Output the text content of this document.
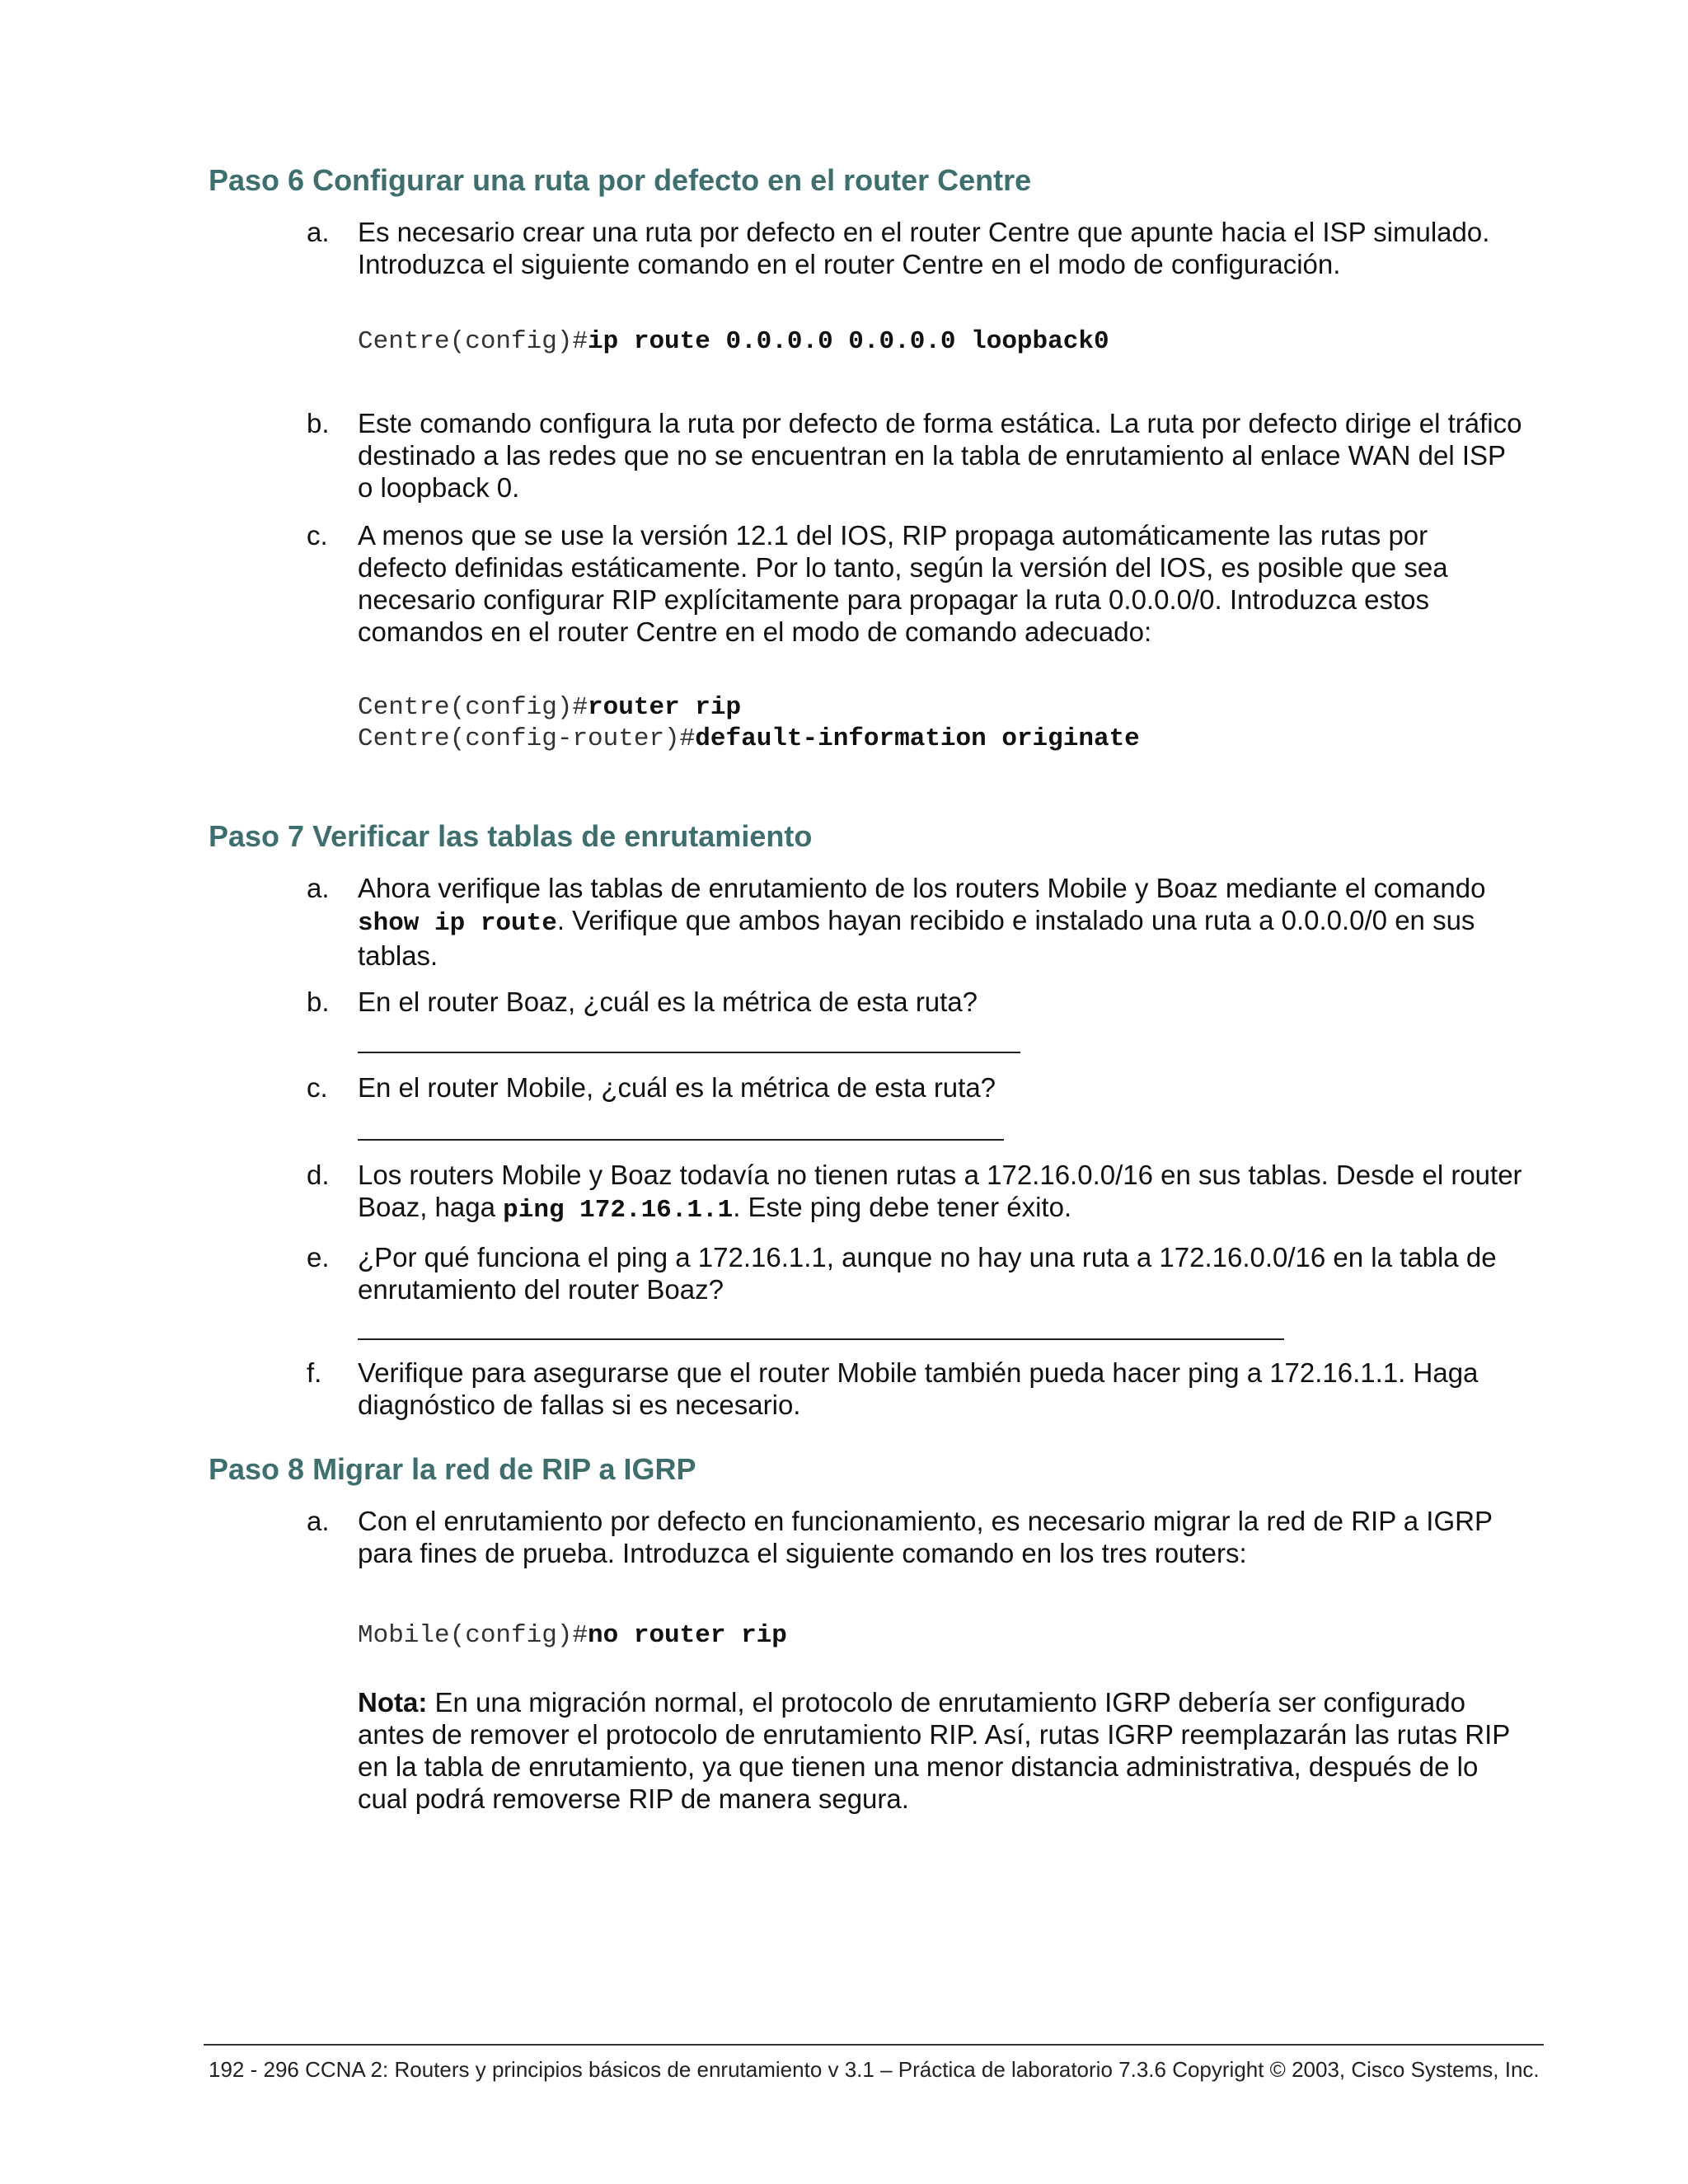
Paso 6 Configurar una ruta por defecto en el router Centre
a. Es necesario crear una ruta por defecto en el router Centre que apunte hacia el ISP simulado.
Introduzca el siguiente comando en el router Centre en el modo de configuración.
Centre(config)#ip route 0.0.0.0 0.0.0.0 loopback0
b. Este comando configura la ruta por defecto de forma estática. La ruta por defecto dirige el tráfico
destinado a las redes que no se encuentran en la tabla de enrutamiento al enlace WAN del ISP
o loopback 0.
c. A menos que se use la versión 12.1 del IOS, RIP propaga automáticamente las rutas por
defecto definidas estáticamente. Por lo tanto, según la versión del IOS, es posible que sea
necesario configurar RIP explícitamente para propagar la ruta 0.0.0.0/0. Introduzca estos
comandos en el router Centre en el modo de comando adecuado:
Centre(config)#router rip
Centre(config-router)#default-information originate
Paso 7 Verificar las tablas de enrutamiento
a. Ahora verifique las tablas de enrutamiento de los routers Mobile y Boaz mediante el comando
show ip route. Verifique que ambos hayan recibido e instalado una ruta a 0.0.0.0/0 en sus
tablas.
b. En el router Boaz, ¿cuál es la métrica de esta ruta?
c. En el router Mobile, ¿cuál es la métrica de esta ruta?
d. Los routers Mobile y Boaz todavía no tienen rutas a 172.16.0.0/16 en sus tablas. Desde el router
Boaz, haga ping 172.16.1.1. Este ping debe tener éxito.
e. ¿Por qué funciona el ping a 172.16.1.1, aunque no hay una ruta a 172.16.0.0/16 en la tabla de
enrutamiento del router Boaz?
f. Verifique para asegurarse que el router Mobile también pueda hacer ping a 172.16.1.1. Haga
diagnóstico de fallas si es necesario.
Paso 8 Migrar la red de RIP a IGRP
a. Con el enrutamiento por defecto en funcionamiento, es necesario migrar la red de RIP a IGRP
para fines de prueba. Introduzca el siguiente comando en los tres routers:
Mobile(config)#no router rip
Nota: En una migración normal, el protocolo de enrutamiento IGRP debería ser configurado
antes de remover el protocolo de enrutamiento RIP. Así, rutas IGRP reemplazarán las rutas RIP
en la tabla de enrutamiento, ya que tienen una menor distancia administrativa, después de lo
cual podrá removerse RIP de manera segura.
192 - 296 CCNA 2: Routers y principios básicos de enrutamiento v 3.1 – Práctica de laboratorio 7.3.6 Copyright © 2003, Cisco Systems, Inc.
